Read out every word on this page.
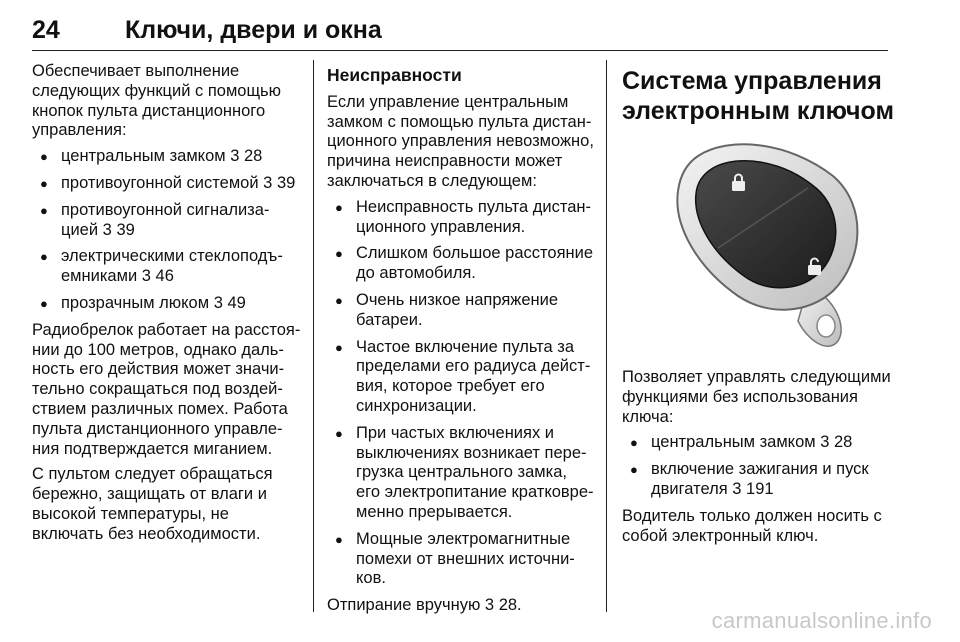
24	Ключи, двери и окна

Обеспечивает выполнение следующих функций с помощью кнопок пульта дистанционного управления:

● центральным замком 3 28
● противоугонной системой 3 39
● противоугонной сигнализа-цией 3 39
● электрическими стеклоподъ-емниками 3 46
● прозрачным люком 3 49

Радиобрелок работает на расстоя-нии до 100 метров, однако даль-ность его действия может значи-тельно сокращаться под воздей-ствием различных помех. Работа пульта дистанционного управле-ния подтверждается миганием.

С пультом следует обращаться бережно, защищать от влаги и высокой температуры, не включать без необходимости.

Неисправности

Если управление центральным замком с помощью пульта дистан-ционного управления невозможно, причина неисправности может заключаться в следующем:

● Неисправность пульта дистан-ционного управления.
● Слишком большое расстояние до автомобиля.
● Очень низкое напряжение батареи.
● Частое включение пульта за пределами его радиуса дейст-вия, которое требует его синхронизации.
● При частых включениях и выключениях возникает пере-грузка центрального замка, его электропитание кратковре-менно прерывается.
● Мощные электромагнитные помехи от внешних источни-ков.

Отпирание вручную 3 28.

Система управления электронным ключом

Позволяет управлять следующими функциями без использования ключа:

● центральным замком 3 28
● включение зажигания и пуск двигателя 3 191

Водитель только должен носить с собой электронный ключ.

carmanualsonline.info
